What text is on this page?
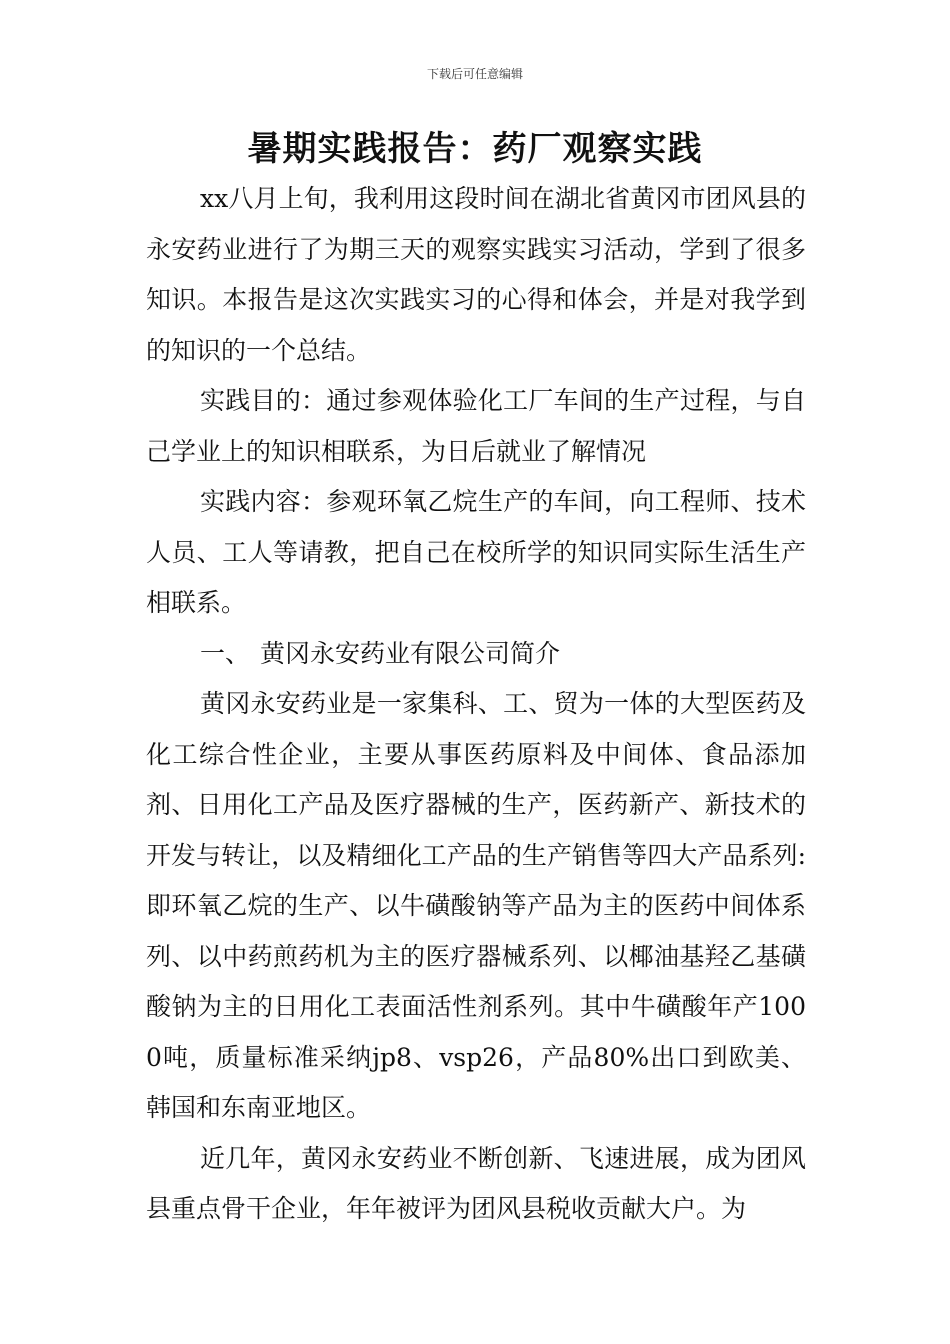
下载后可任意编辑
暑期实践报告：药厂观察实践

xx八月上旬，我利用这段时间在湖北省黄冈市团风县的永安药业进行了为期三天的观察实践实习活动，学到了很多知识。本报告是这次实践实习的心得和体会，并是对我学到的知识的一个总结。

实践目的：通过参观体验化工厂车间的生产过程，与自己学业上的知识相联系，为日后就业了解情况

实践内容：参观环氧乙烷生产的车间，向工程师、技术人员、工人等请教，把自己在校所学的知识同实际生活生产相联系。

一、 黄冈永安药业有限公司简介

黄冈永安药业是一家集科、工、贸为一体的大型医药及化工综合性企业，主要从事医药原料及中间体、食品添加剂、日用化工产品及医疗器械的生产，医药新产、新技术的开发与转让，以及精细化工产品的生产销售等四大产品系列:即环氧乙烷的生产、以牛磺酸钠等产品为主的医药中间体系列、以中药煎药机为主的医疗器械系列、以椰油基羟乙基磺酸钠为主的日用化工表面活性剂系列。其中牛磺酸年产1000吨，质量标准采纳jp8、vsp26，产品80%出口到欧美、韩国和东南亚地区。

近几年，黄冈永安药业不断创新、飞速进展，成为团风县重点骨干企业，年年被评为团风县税收贡献大户。为
